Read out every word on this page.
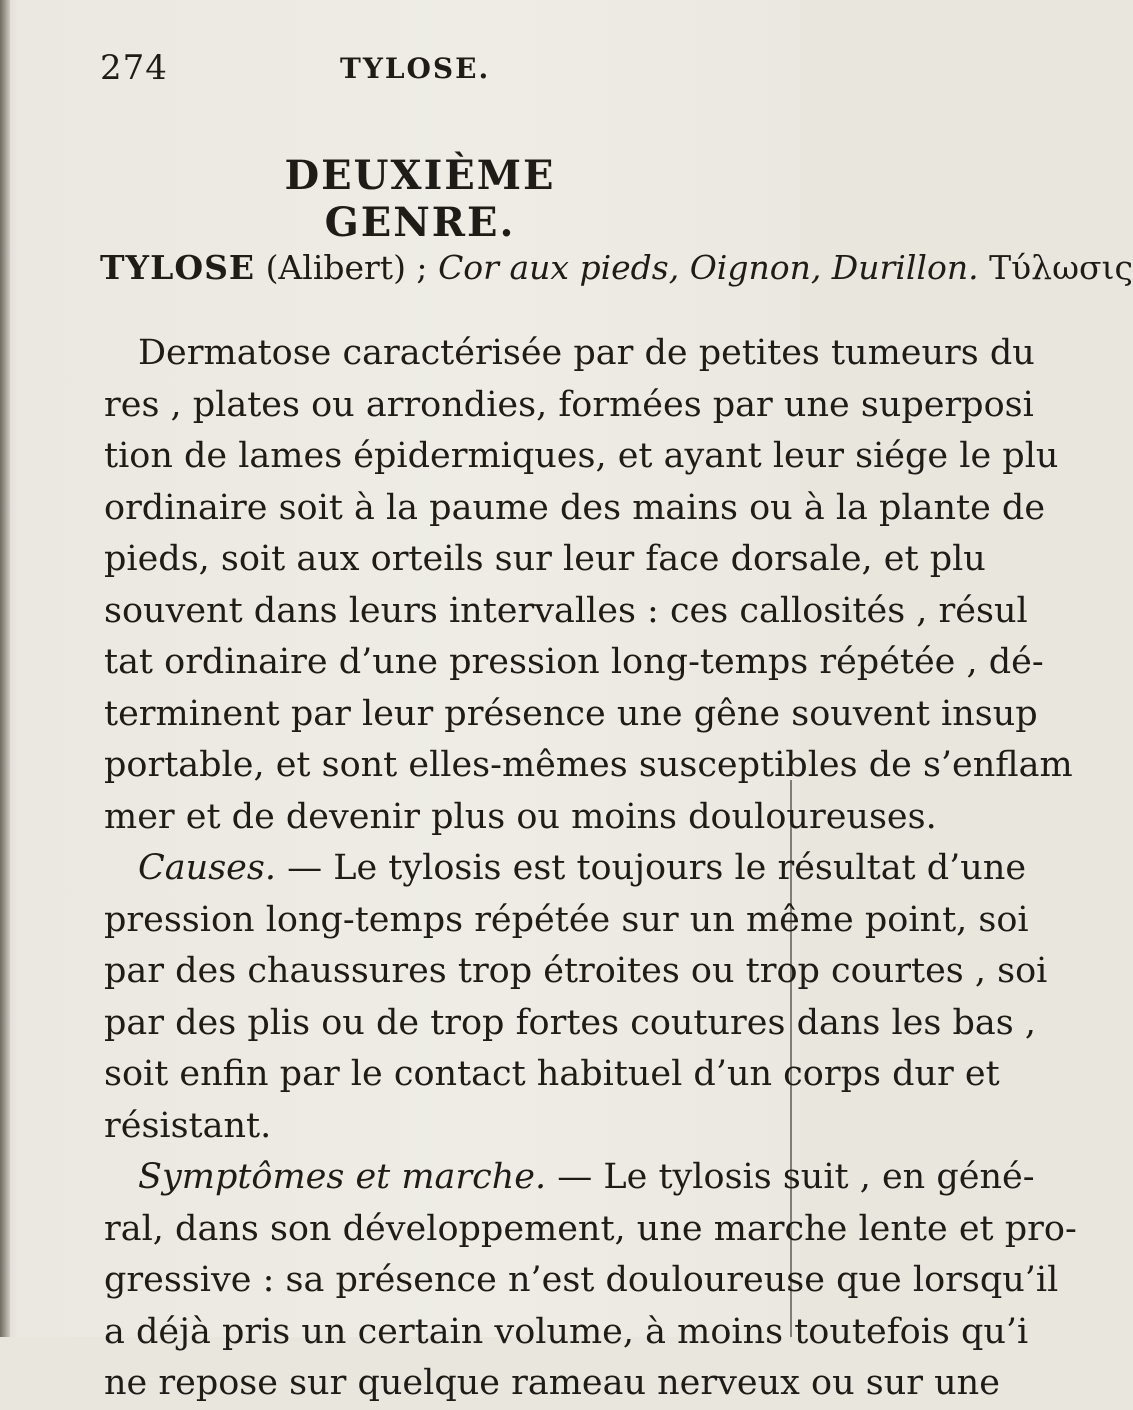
274	TYLOSE.
DEUXIÈME GENRE.
TYLOSE (Alibert) ; Cor aux pieds, Oignon, Durillon. Τύλωσις

Dermatose caractérisée par de petites tumeurs du
res , plates ou arrondies, formées par une superposi
tion de lames épidermiques, et ayant leur siége le plu
ordinaire soit à la paume des mains ou à la plante de
pieds, soit aux orteils sur leur face dorsale, et plu
souvent dans leurs intervalles : ces callosités , résul
tat ordinaire d’une pression long-temps répétée , dé-
terminent par leur présence une gêne souvent insup
portable, et sont elles-mêmes susceptibles de s’enflam
mer et de devenir plus ou moins douloureuses.

Causes. — Le tylosis est toujours le résultat d’une
pression long-temps répétée sur un même point, soi
par des chaussures trop étroites ou trop courtes , soi
par des plis ou de trop fortes coutures dans les bas ,
soit enfin par le contact habituel d’un corps dur et
résistant.

Symptômes et marche. — Le tylosis suit , en géné-
ral, dans son développement, une marche lente et pro-
gressive : sa présence n’est douloureuse que lorsqu’il
a déjà pris un certain volume, à moins toutefois qu’i
ne repose sur quelque rameau nerveux ou sur une
